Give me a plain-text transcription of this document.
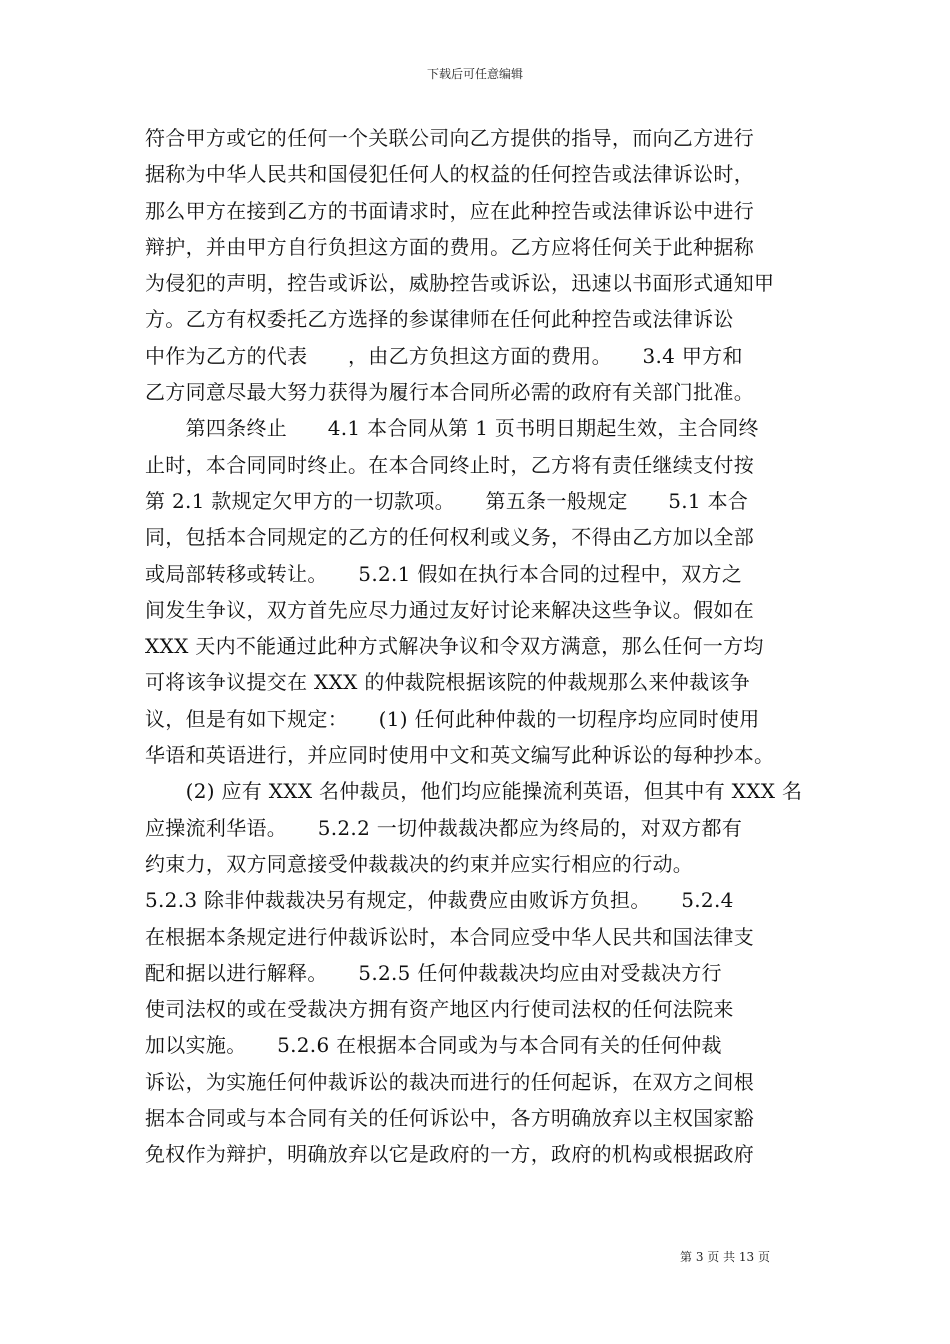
下载后可任意编辑
符合甲方或它的任何一个关联公司向乙方提供的指导，而向乙方进行
据称为中华人民共和国侵犯任何人的权益的任何控告或法律诉讼时，
那么甲方在接到乙方的书面请求时，应在此种控告或法律诉讼中进行
辩护，并由甲方自行负担这方面的费用。乙方应将任何关于此种据称
为侵犯的声明，控告或诉讼，威胁控告或诉讼，迅速以书面形式通知甲
方。乙方有权委托乙方选择的参谋律师在任何此种控告或法律诉讼
中作为乙方的代表　　，由乙方负担这方面的费用。　　3.4 甲方和
乙方同意尽最大努力获得为履行本合同所必需的政府有关部门批准。
　　第四条终止　　4.1 本合同从第 1 页书明日期起生效，主合同终
止时，本合同同时终止。在本合同终止时，乙方将有责任继续支付按
第 2.1 款规定欠甲方的一切款项。　　第五条一般规定　　5.1 本合
同，包括本合同规定的乙方的任何权利或义务，不得由乙方加以全部
或局部转移或转让。　　5.2.1 假如在执行本合同的过程中，双方之
间发生争议，双方首先应尽力通过友好讨论来解决这些争议。假如在
XXX 天内不能通过此种方式解决争议和令双方满意，那么任何一方均
可将该争议提交在 XXX 的仲裁院根据该院的仲裁规那么来仲裁该争
议，但是有如下规定：　　(1) 任何此种仲裁的一切程序均应同时使用
华语和英语进行，并应同时使用中文和英文编写此种诉讼的每种抄本。
　　(2) 应有 XXX 名仲裁员，他们均应能操流利英语，但其中有 XXX 名
应操流利华语。　　5.2.2 一切仲裁裁决都应为终局的，对双方都有
约束力，双方同意接受仲裁裁决的约束并应实行相应的行动。
5.2.3 除非仲裁裁决另有规定，仲裁费应由败诉方负担。　　5.2.4
在根据本条规定进行仲裁诉讼时，本合同应受中华人民共和国法律支
配和据以进行解释。　　5.2.5 任何仲裁裁决均应由对受裁决方行
使司法权的或在受裁决方拥有资产地区内行使司法权的任何法院来
加以实施。　　5.2.6 在根据本合同或为与本合同有关的任何仲裁
诉讼，为实施任何仲裁诉讼的裁决而进行的任何起诉，在双方之间根
据本合同或与本合同有关的任何诉讼中，各方明确放弃以主权国家豁
免权作为辩护，明确放弃以它是政府的一方，政府的机构或根据政府
第 3 页 共 13 页
